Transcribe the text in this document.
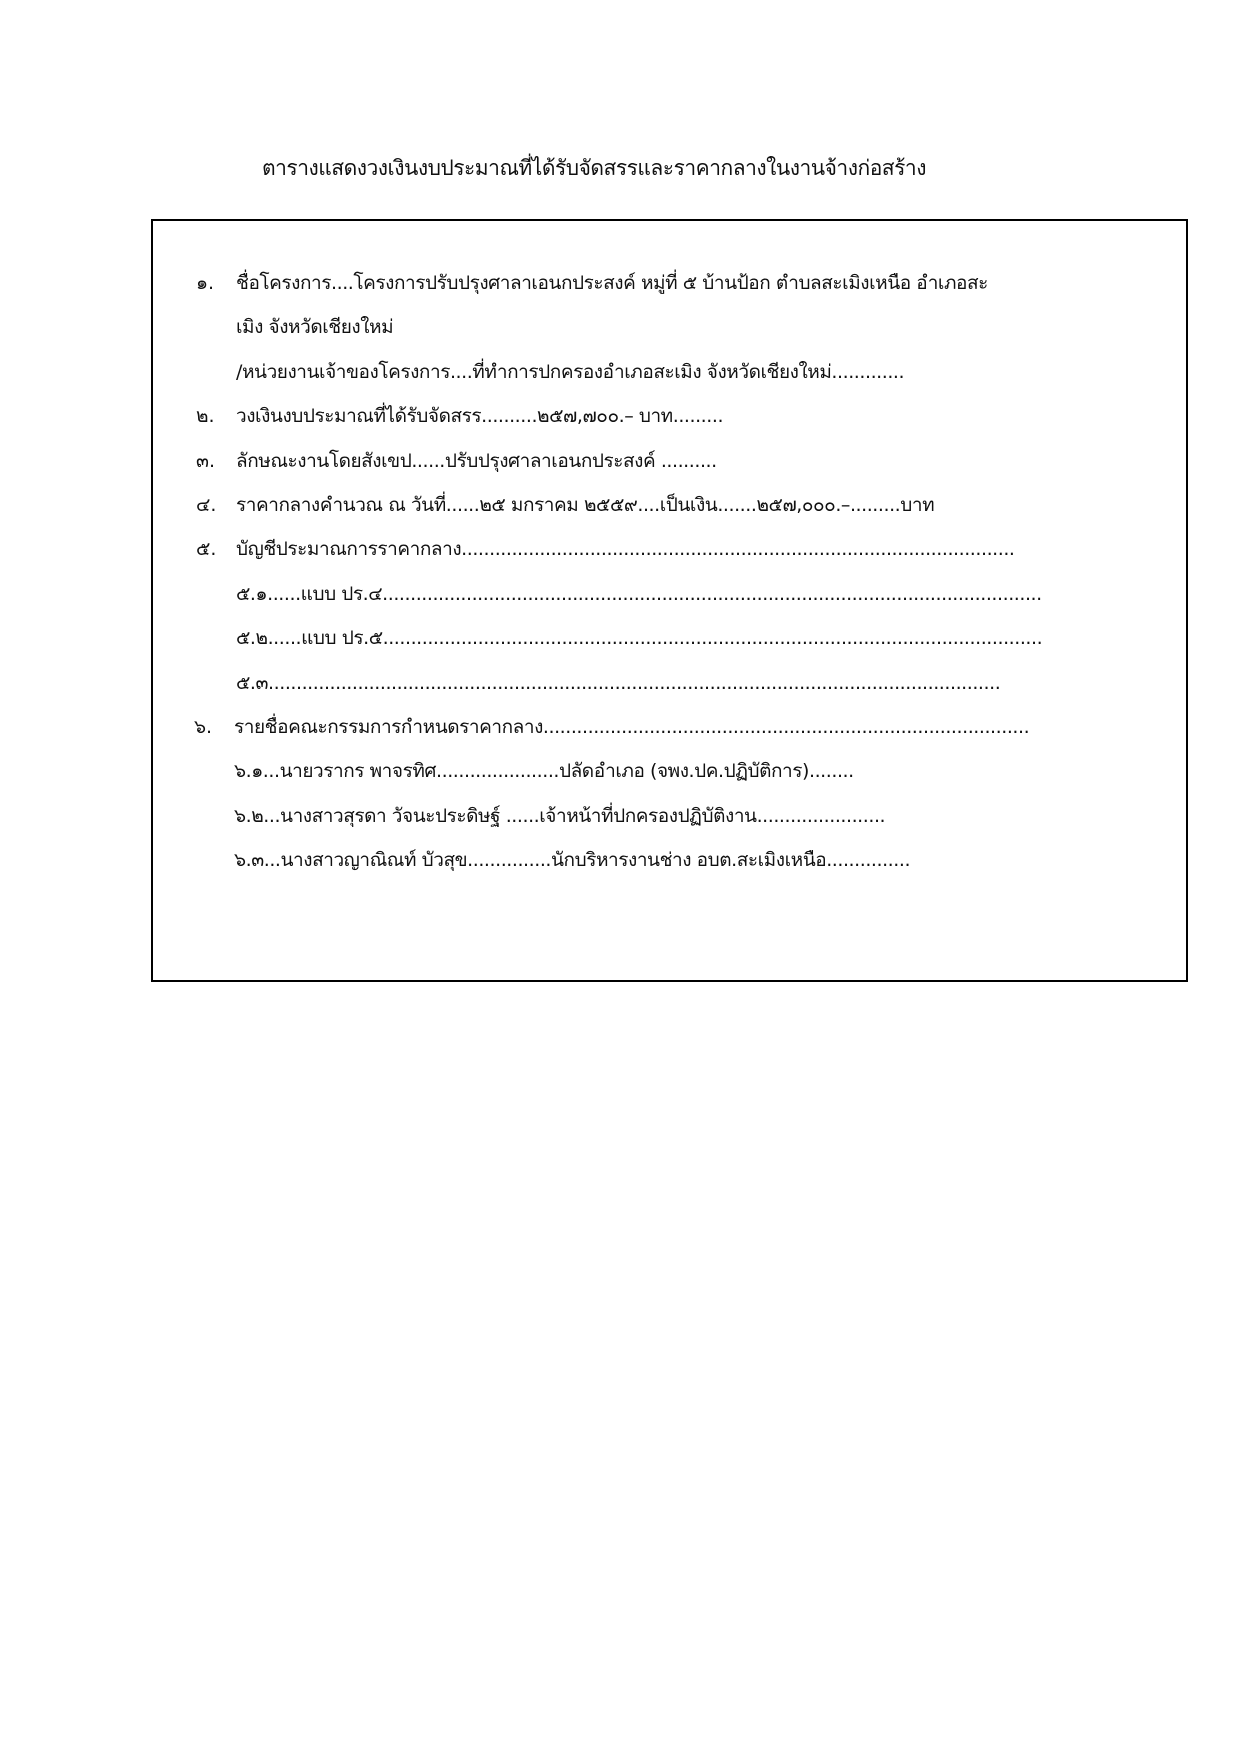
ตารางแสดงวงเงินงบประมาณที่ได้รับจัดสรรและราคากลางในงานจ้างก่อสร้าง
๑. ชื่อโครงการ....โครงการปรับปรุงศาลาเอนกประสงค์ หมู่ที่ ๕ บ้านป้อก ตำบลสะเมิงเหนือ อำเภอสะ
เมิง จังหวัดเชียงใหม่
/หน่วยงานเจ้าของโครงการ....ที่ทำการปกครองอำเภอสะเมิง จังหวัดเชียงใหม่.............
๒. วงเงินงบประมาณที่ได้รับจัดสรร..........๒๕๗,๗๐๐.– บาท.........
๓. ลักษณะงานโดยสังเขป......ปรับปรุงศาลาเอนกประสงค์ ..........
๔. ราคากลางคำนวณ ณ วันที่......๒๕ มกราคม ๒๕๕๙....เป็นเงิน.......๒๕๗,๐๐๐.–.........บาท
๕. บัญชีประมาณการราคากลาง...................................................................................................
๕.๑......แบบ ปร.๔......................................................................................................................
๕.๒......แบบ ปร.๕......................................................................................................................
๕.๓...................................................................................................................................
๖. รายชื่อคณะกรรมการกำหนดราคากลาง.......................................................................................
๖.๑...นายวรากร พาจรทิศ......................ปลัดอำเภอ (จพง.ปค.ปฏิบัติการ)........
๖.๒...นางสาวสุรดา วัจนะประดิษฐ์ ......เจ้าหน้าที่ปกครองปฏิบัติงาน.......................
๖.๓...นางสาวญาณิณท์ บัวสุข...............นักบริหารงานช่าง อบต.สะเมิงเหนือ...............
